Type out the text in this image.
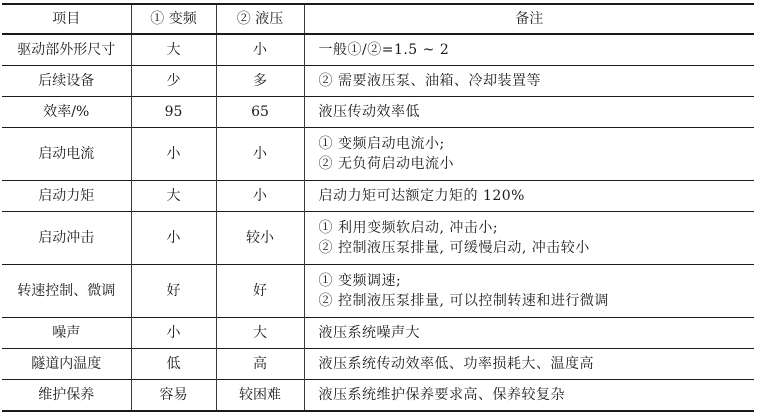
项目	① 变频	② 液压	备注
驱动部外形尺寸	大	小	一般①/②=1.5 ~ 2

后续设备	少	多	② 需要液压泵、油箱、冷却装置等

效率/%	95	65	液压传动效率低

启动电流	小	小	① 变频启动电流小;
② 无负荷启动电流小

启动力矩	大	小	启动力矩可达额定力矩的 120%

启动冲击	小	较小	① 利用变频软启动, 冲击小;
② 控制液压泵排量, 可缓慢启动, 冲击较小

转速控制、微调	好	好	① 变频调速;
② 控制液压泵排量, 可以控制转速和进行微调

噪声	小	大	液压系统噪声大

隧道内温度	低	高	液压系统传动效率低、功率损耗大、温度高

维护保养	容易	较困难	液压系统维护保养要求高、保养较复杂
